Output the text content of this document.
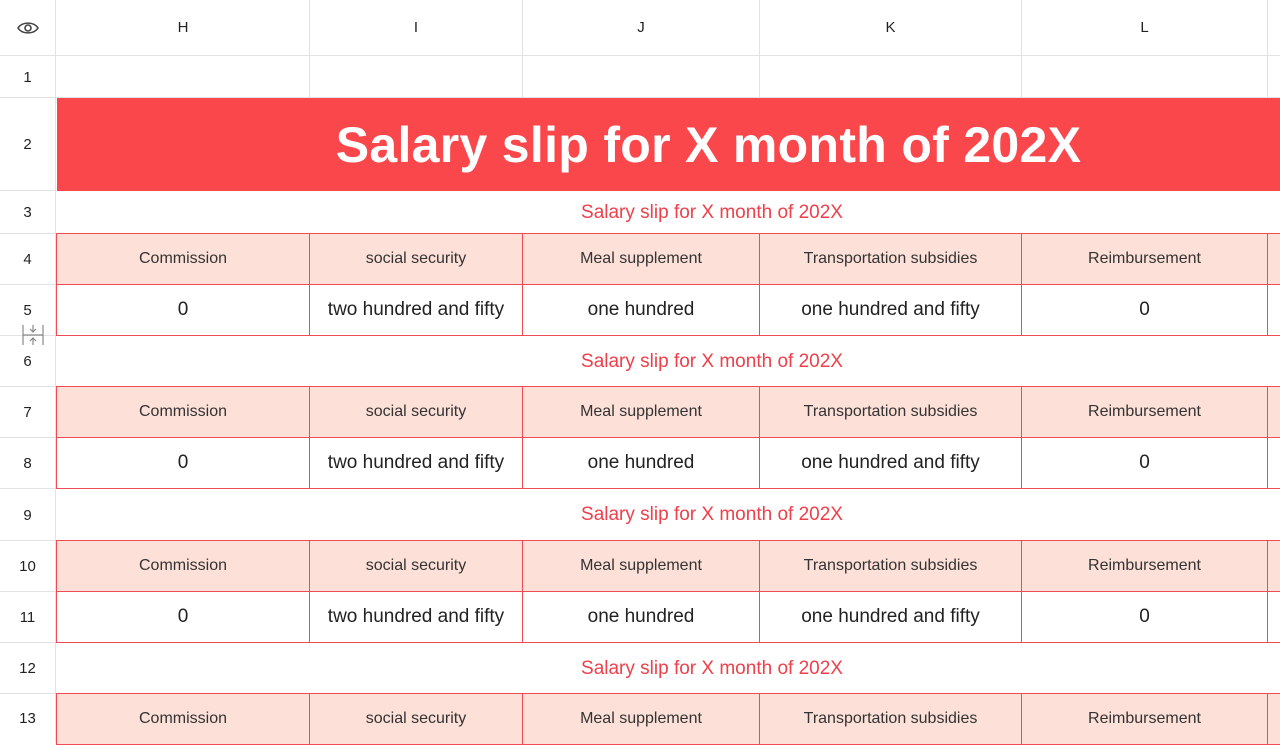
H	I	J	K	L
1
2
3
4
5
6
7
8
9
10
11
12
13
Salary slip for X month of 202X
Salary slip for X month of 202X
Salary slip for X month of 202X
Salary slip for X month of 202X
Salary slip for X month of 202X
Commission	social security	Meal supplement	Transportation subsidies	Reimbursement
0	two hundred and fifty	one hundred	one hundred and fifty	0
Commission	social security	Meal supplement	Transportation subsidies	Reimbursement
0	two hundred and fifty	one hundred	one hundred and fifty	0
Commission	social security	Meal supplement	Transportation subsidies	Reimbursement
0	two hundred and fifty	one hundred	one hundred and fifty	0
Commission	social security	Meal supplement	Transportation subsidies	Reimbursement
